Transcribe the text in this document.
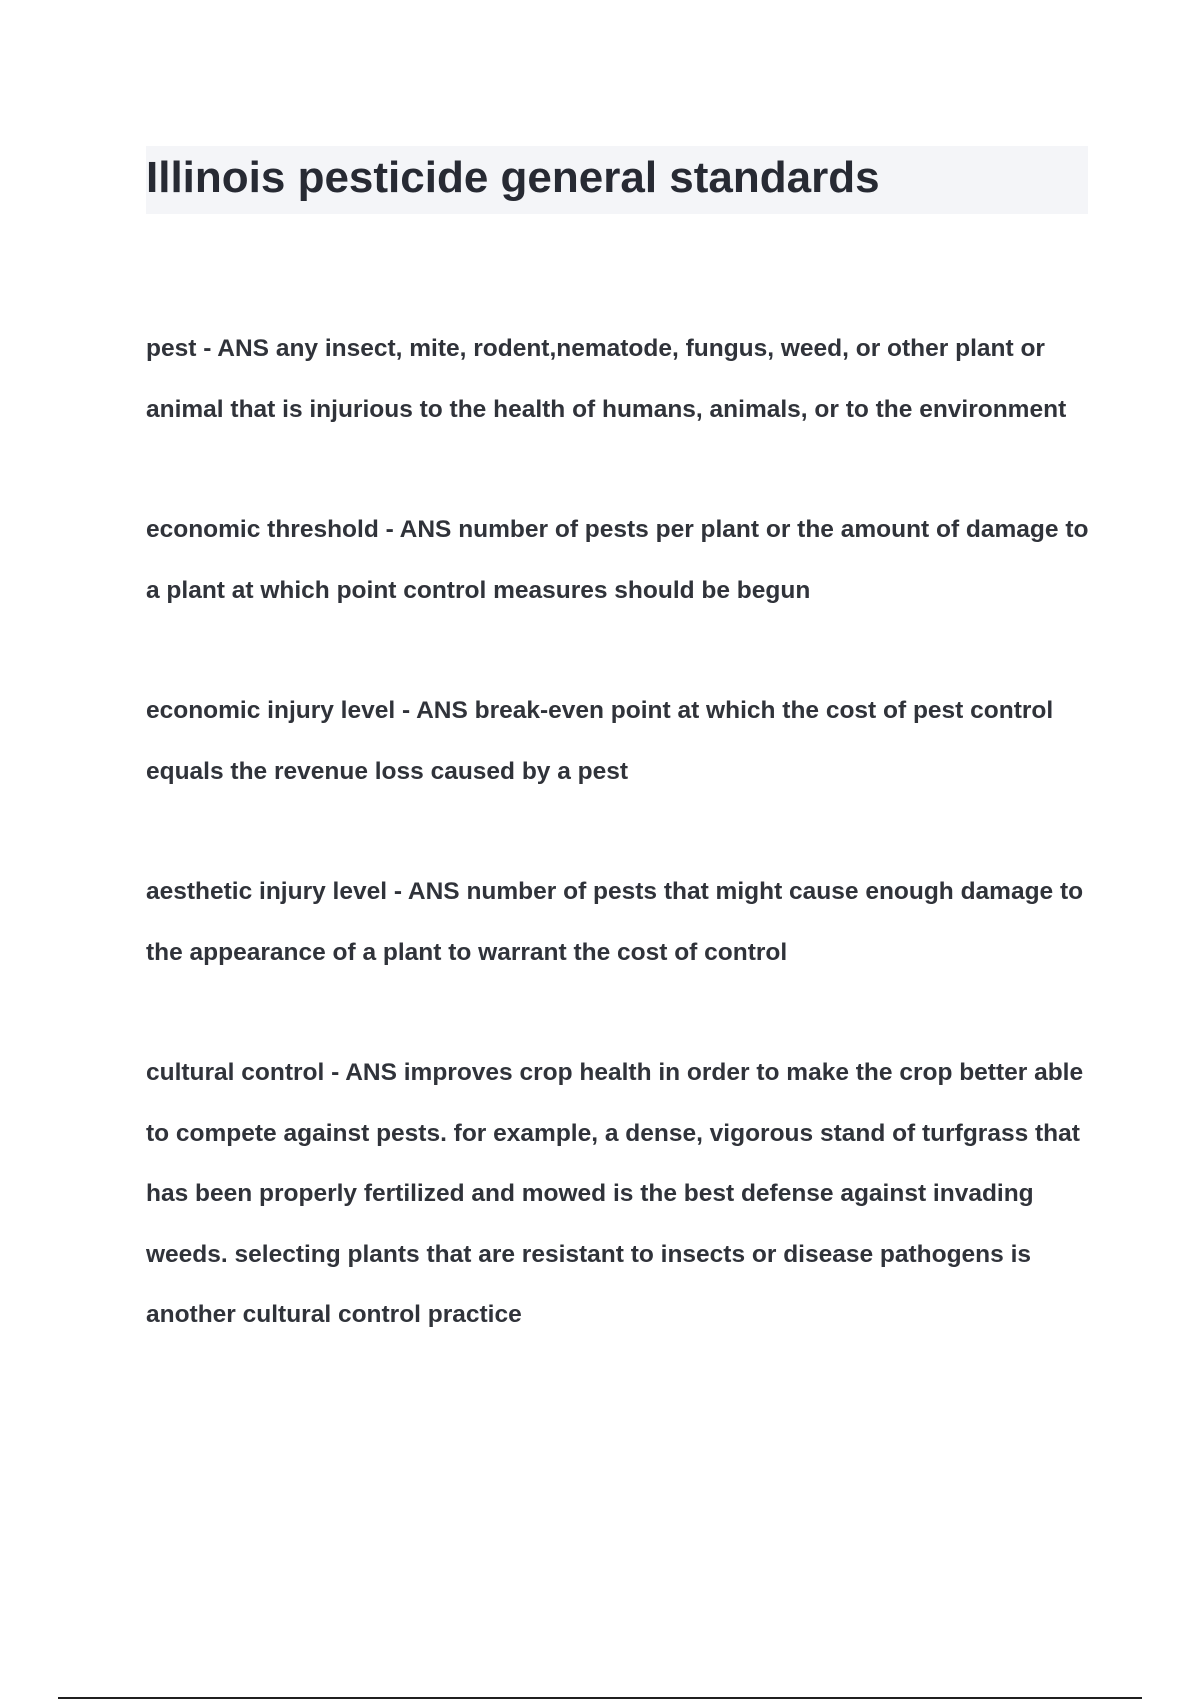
Illinois pesticide general standards

pest - ANS any insect, mite, rodent,nematode, fungus, weed, or other plant or animal that is injurious to the health of humans, animals, or to the environment

economic threshold - ANS number of pests per plant or the amount of damage to a plant at which point control measures should be begun

economic injury level - ANS break-even point at which the cost of pest control equals the revenue loss caused by a pest

aesthetic injury level - ANS number of pests that might cause enough damage to the appearance of a plant to warrant the cost of control

cultural control - ANS improves crop health in order to make the crop better able to compete against pests. for example, a dense, vigorous stand of turfgrass that has been properly fertilized and mowed is the best defense against invading weeds. selecting plants that are resistant to insects or disease pathogens is another cultural control practice
